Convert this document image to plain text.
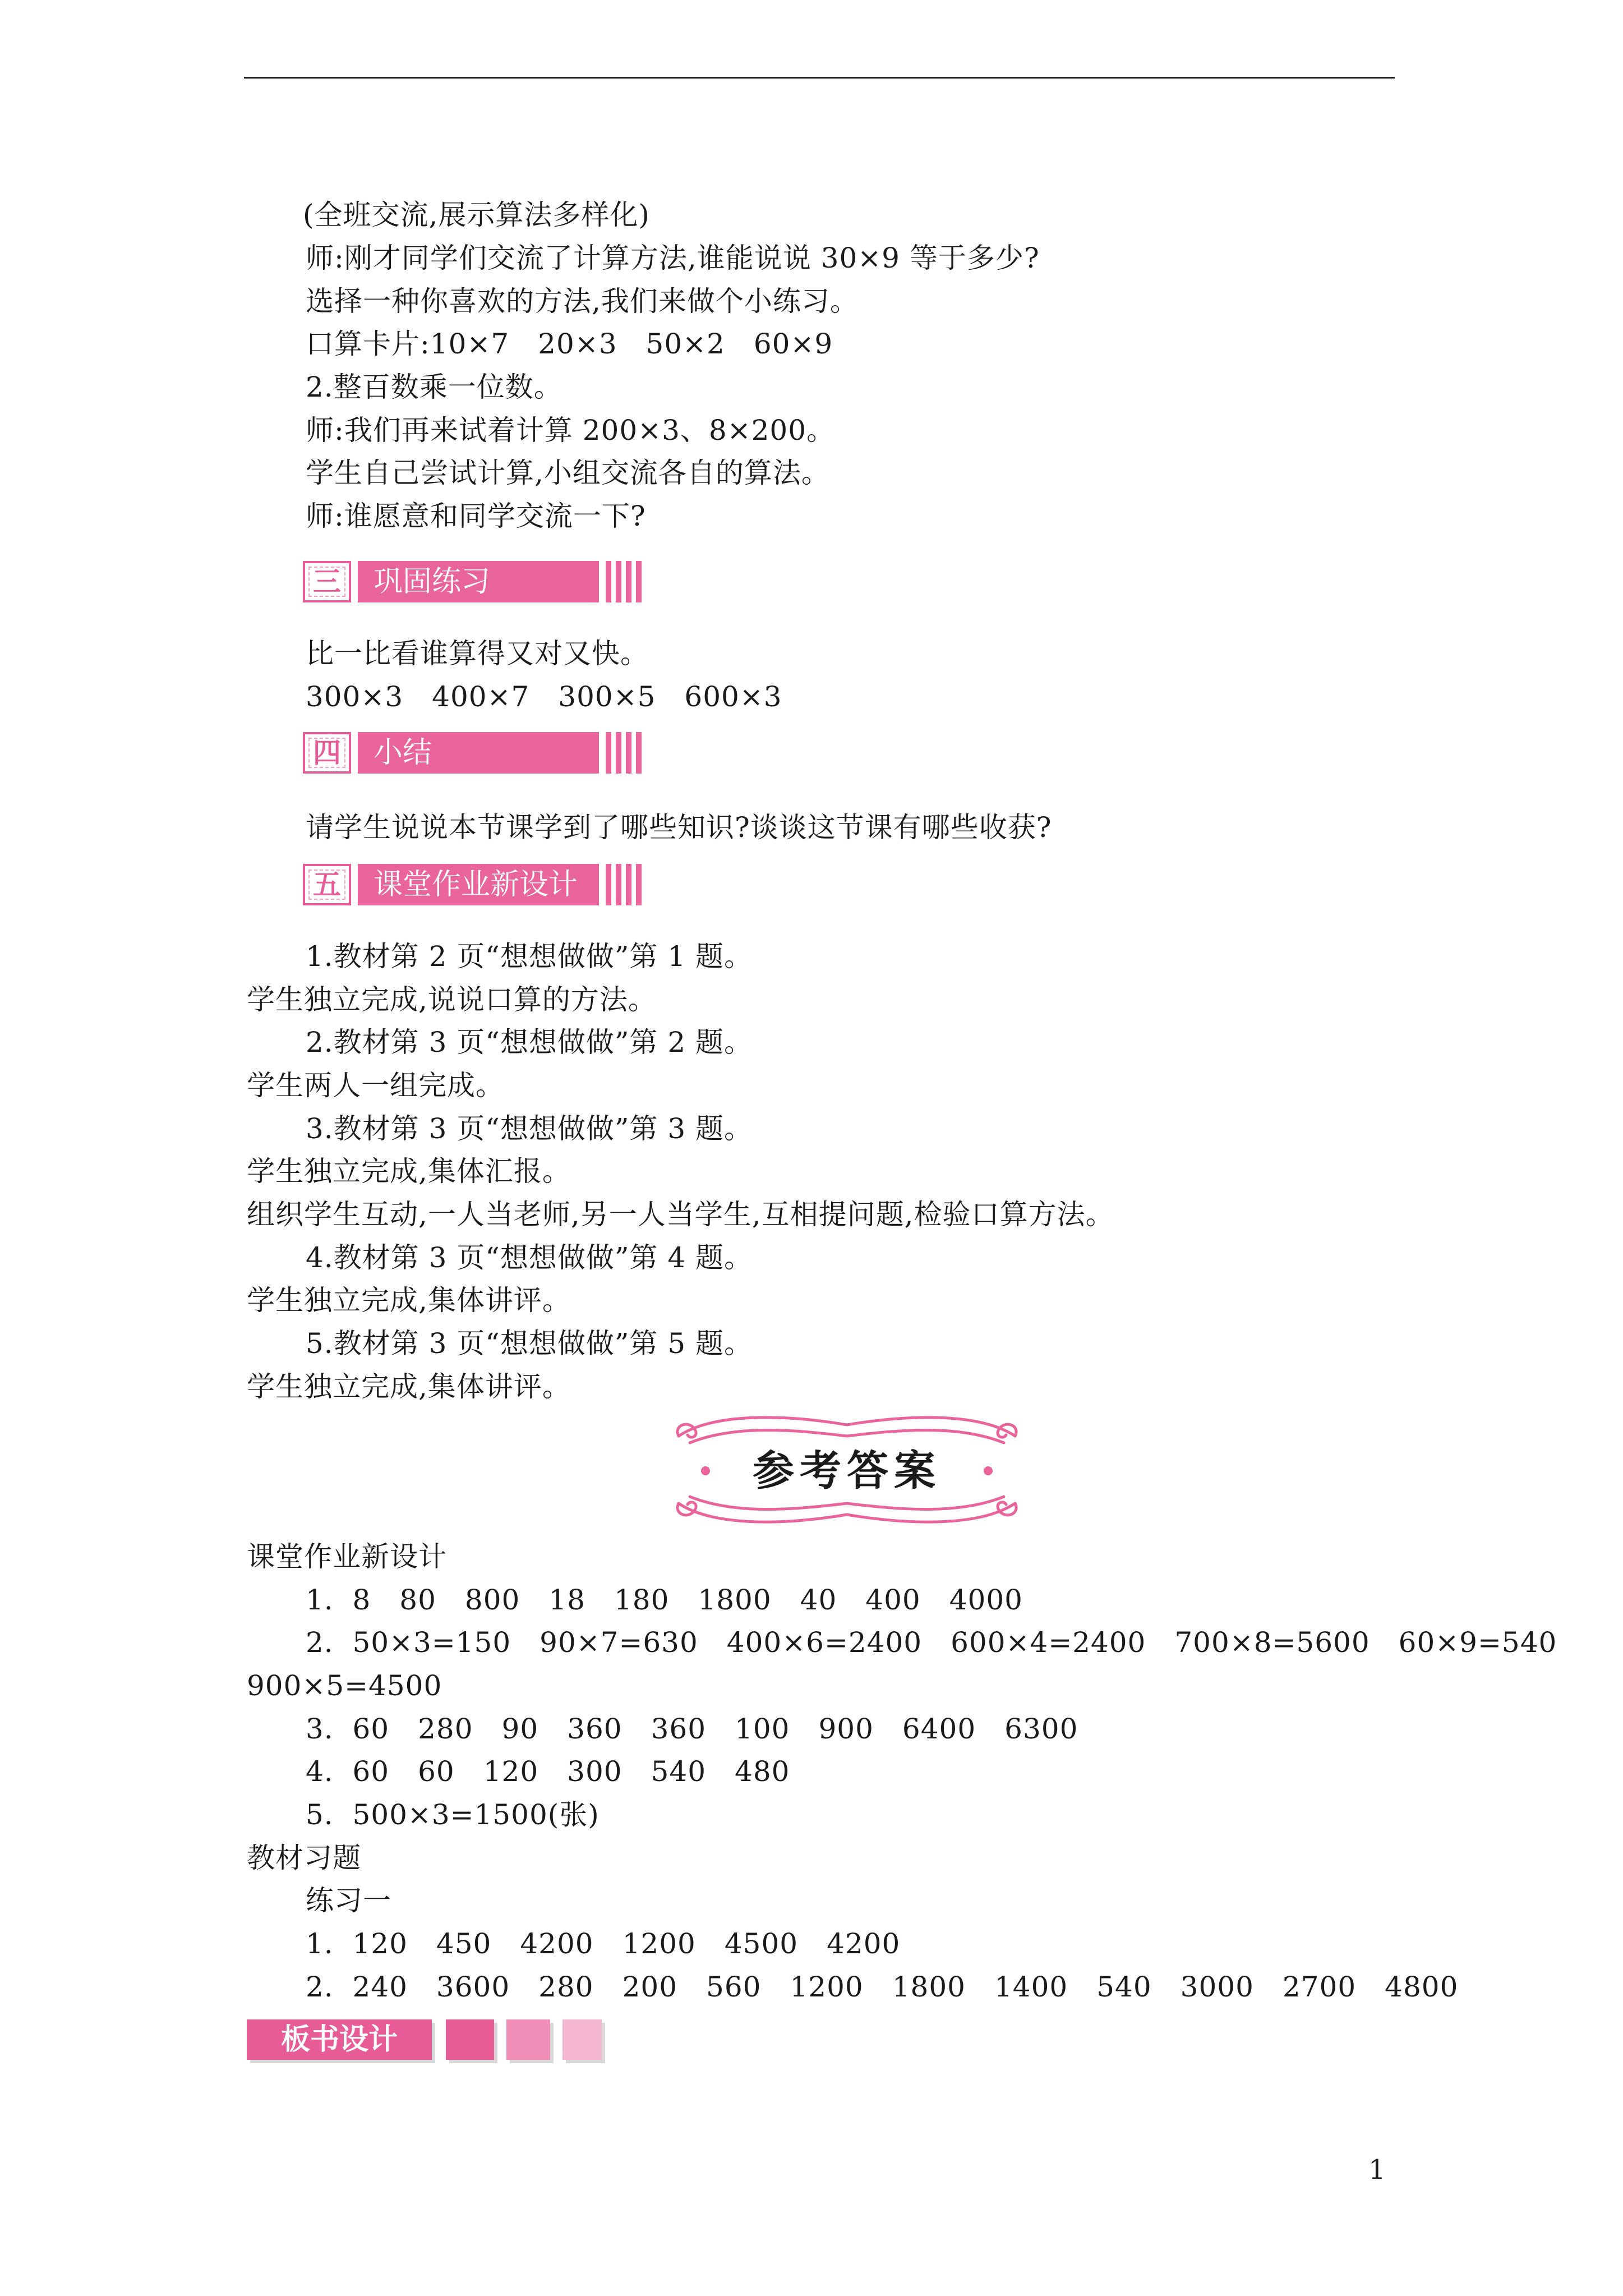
(全班交流,展示算法多样化)
师:刚才同学们交流了计算方法,谁能说说 30×9 等于多少?
选择一种你喜欢的方法,我们来做个小练习。
口算卡片:10×7　20×3　50×2　60×9
2.整百数乘一位数。
师:我们再来试着计算 200×3、8×200。
学生自己尝试计算,小组交流各自的算法。
师:谁愿意和同学交流一下?
三	巩固练习
比一比看谁算得又对又快。
300×3　400×7　300×5　600×3
四	小结
请学生说说本节课学到了哪些知识?谈谈这节课有哪些收获?
五	课堂作业新设计
1.教材第 2 页“想想做做”第 1 题。
学生独立完成,说说口算的方法。
2.教材第 3 页“想想做做”第 2 题。
学生两人一组完成。
3.教材第 3 页“想想做做”第 3 题。
学生独立完成,集体汇报。
组织学生互动,一人当老师,另一人当学生,互相提问题,检验口算方法。
4.教材第 3 页“想想做做”第 4 题。
学生独立完成,集体讲评。
5.教材第 3 页“想想做做”第 5 题。
学生独立完成,集体讲评。
课堂作业新设计
1.  8　80　800　18　180　1800　40　400　4000
2.  50×3=150　90×7=630　400×6=2400　600×4=2400　700×8=5600　60×9=540
900×5=4500
3.  60　280　90　360　360　100　900　6400　6300
4.  60　60　120　300　540　480
5.  500×3=1500(张)
教材习题
练习一
1.  120　450　4200　1200　4500　4200
2.  240　3600　280　200　560　1200　1800　1400　540　3000　2700　4800
参考答案
板书设计
1
